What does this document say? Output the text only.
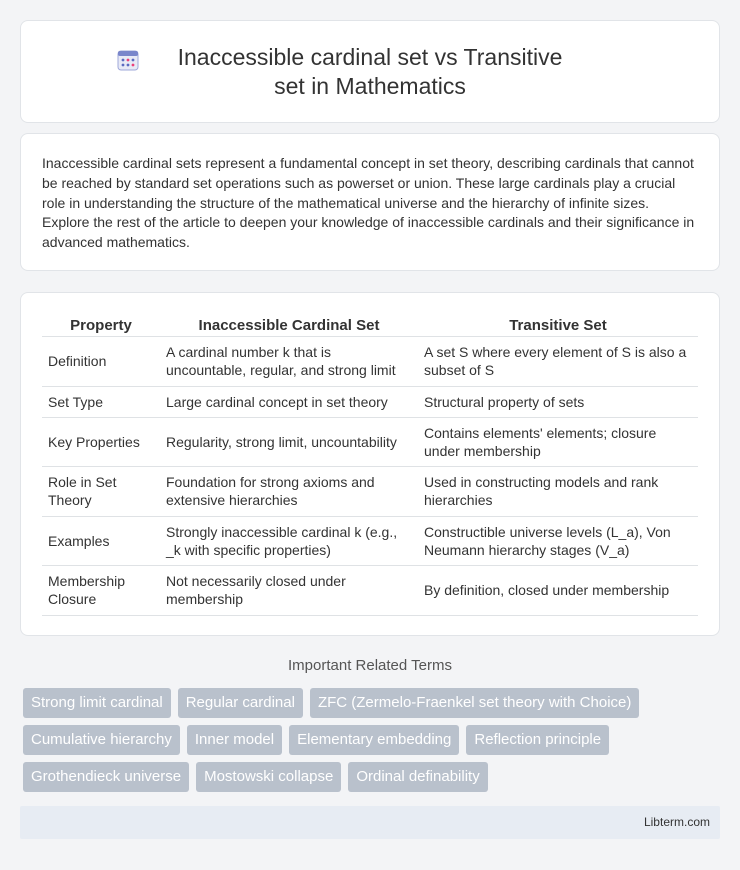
Inaccessible cardinal set vs Transitive set in Mathematics

Inaccessible cardinal sets represent a fundamental concept in set theory, describing cardinals that cannot be reached by standard set operations such as powerset or union. These large cardinals play a crucial role in understanding the structure of the mathematical universe and the hierarchy of infinite sizes. Explore the rest of the article to deepen your knowledge of inaccessible cardinals and their significance in advanced mathematics.

Property	Inaccessible Cardinal Set	Transitive Set
Definition	A cardinal number k that is uncountable, regular, and strong limit	A set S where every element of S is also a subset of S
Set Type	Large cardinal concept in set theory	Structural property of sets
Key Properties	Regularity, strong limit, uncountability	Contains elements' elements; closure under membership
Role in Set Theory	Foundation for strong axioms and extensive hierarchies	Used in constructing models and rank hierarchies
Examples	Strongly inaccessible cardinal k (e.g., _k with specific properties)	Constructible universe levels (L_a), Von Neumann hierarchy stages (V_a)
Membership Closure	Not necessarily closed under membership	By definition, closed under membership
Important Related Terms
Strong limit cardinal	Regular cardinal	ZFC (Zermelo-Fraenkel set theory with Choice)
Cumulative hierarchy	Inner model	Elementary embedding	Reflection principle
Grothendieck universe	Mostowski collapse	Ordinal definability
Libterm.com
